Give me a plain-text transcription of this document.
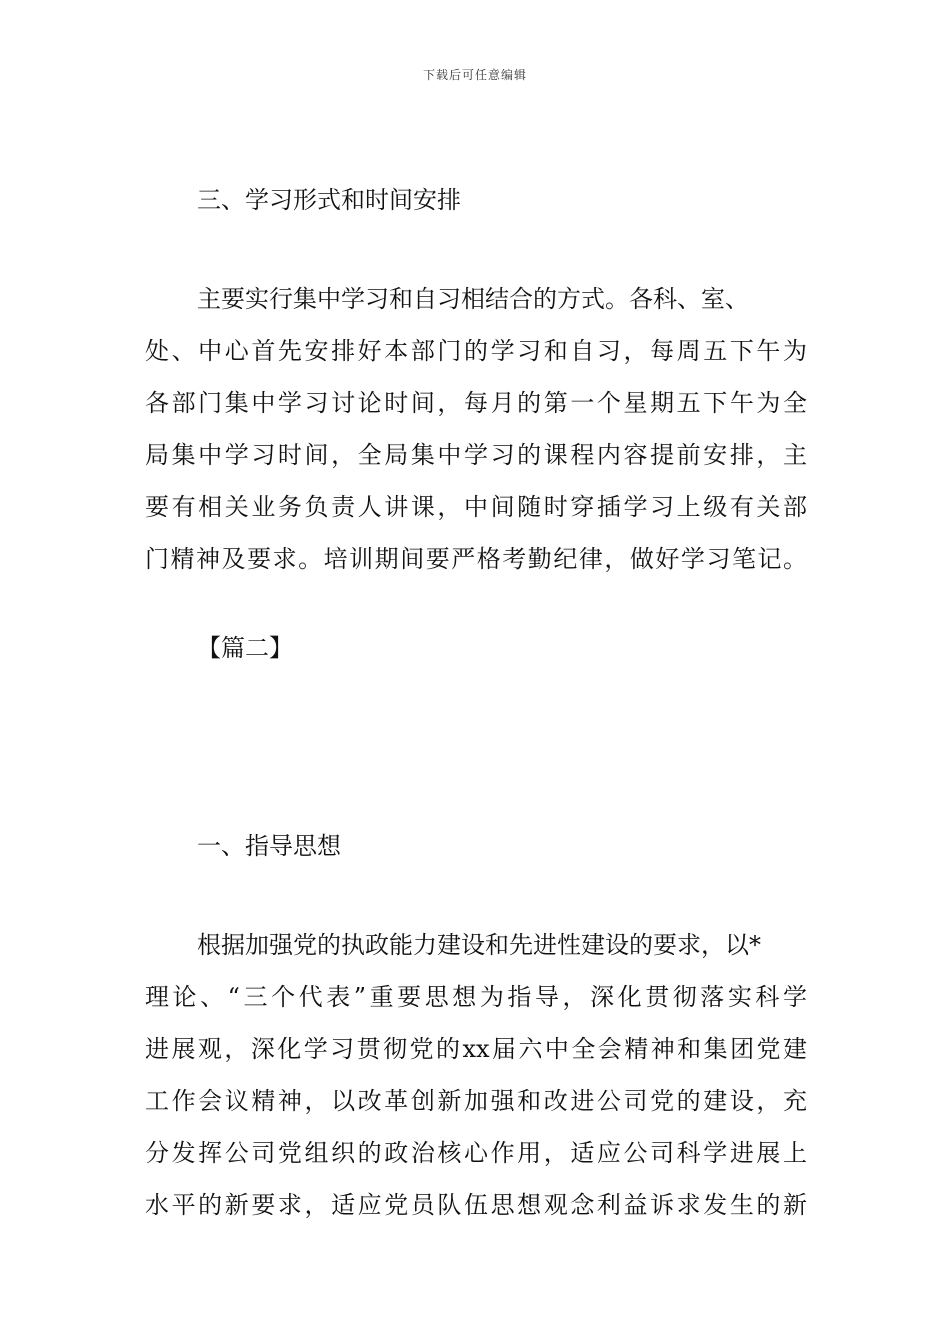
下载后可任意编辑
三、学习形式和时间安排
主要实行集中学习和自习相结合的方式。各科、室、
处、中心首先安排好本部门的学习和自习，每周五下午为
各部门集中学习讨论时间，每月的第一个星期五下午为全
局集中学习时间，全局集中学习的课程内容提前安排，主
要有相关业务负责人讲课，中间随时穿插学习上级有关部
门精神及要求。培训期间要严格考勤纪律，做好学习笔记。
【篇二】
一、指导思想
根据加强党的执政能力建设和先进性建设的要求，以*
理论、“三个代表”重要思想为指导，深化贯彻落实科学
进展观，深化学习贯彻党的xx届六中全会精神和集团党建
工作会议精神，以改革创新加强和改进公司党的建设，充
分发挥公司党组织的政治核心作用，适应公司科学进展上
水平的新要求，适应党员队伍思想观念利益诉求发生的新
